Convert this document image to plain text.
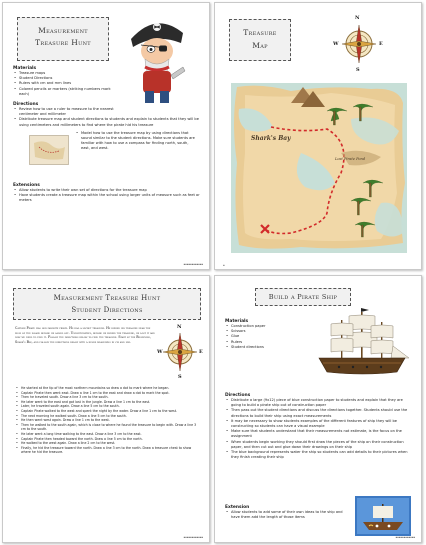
Measurement
Treasure Hunt
Materials
• Treasure maps
• Student Directions
• Rulers with cm and mm lines
• Colored pencils or markers (striking numbers mark each)
Directions
• Review how to use a ruler to measure to the nearest centimeter and millimeter
• Distribute treasure map and student directions to students and explain to students that they will be using centimeters and millimeters to find where the pirate hid his treasure
• Model how to use the treasure map by using directions that sound similar to the student directions. Make sure students are familiar with how to use a compass for finding north, south, east, and west.
Extensions
• Allow students to write their own set of directions for the treasure map
• Have students create a treasure map within the school using larger units of measure such as feet or meters
▪▪▪▪▪▪▪▪▪▪▪▪
Treasure
Map
N
S
W	E
Shark's Bay
Lost Pirate Pond
▪
Measurement Treasure Hunt
Student Directions
Captain Pirate was our favorite pirate. He had a secret treasure. He buried his treasure near the edge of the island before he sailed off. Unfortunately, before he buried the treasure, he lost it and now we need to find it. Follow the directions below to find the treasure. Start at the Beginning, Shark's Bay, and follow the directions below with a ruler measuring in cm and mm.
N
S
W	E
• He started at the tip of the most northern mountains so draw a dot to mark where he began.
• Captain Pirate then went east. Draw a line 1 cm to the east and draw a dot to mark the spot.
• Then he traveled south. Draw a line 3 cm to the south.
• He later went to the east and got lost in the jungle. Draw a line 1 cm to the east.
• Later, he traveled south again. Draw a line 5 cm to the south.
• Captain Pirate walked to the west and spent the night by the water. Draw a line 1 cm to the west.
• The next morning he walked south. Draw a line 5 cm to the south.
• He then went west again. Draw a line 1 cm to the west.
• Then he walked to the south again, which is close to where he found the treasure to begin with. Draw a line 3 cm to the south.
• He later went a long time walking to the east. Draw a line 3 cm to the east.
• Captain Pirate then headed toward the north. Draw a line 5 cm to the north.
• He walked to the west again. Draw a line 2 cm to the west.
• Finally, he hid the treasure toward the north. Draw a line 3 cm to the north. Draw a treasure chest to show where he hid the treasure.
▪▪▪▪▪▪▪▪▪▪▪▪
Build a Pirate Ship
Materials
• Construction paper
• Scissors
• Glue
• Rulers
• Student directions
Directions
• Distribute a large (9x12) piece of blue construction paper to students and explain that they are going to build a pirate ship out of construction paper
• Then pass out the student directions and discuss the directions together. Students should use the directions to build their ship using exact measurements
• It may be necessary to show students examples of the different features of ship they will be constructing so students can have a visual example
• Make sure that students understand that their measurements not estimate, is the focus on the assignment
• When students begin working they should first draw the pieces of the ship on their construction paper, and then cut out and glue down their drawings on their ship
• The blue background represents water the ship so students can add details to their pictures when they finish creating their ship
Extension
• Allow students to add some of their own ideas to the ship and have them add the length of those items
▪▪▪▪▪▪▪▪▪▪▪▪
